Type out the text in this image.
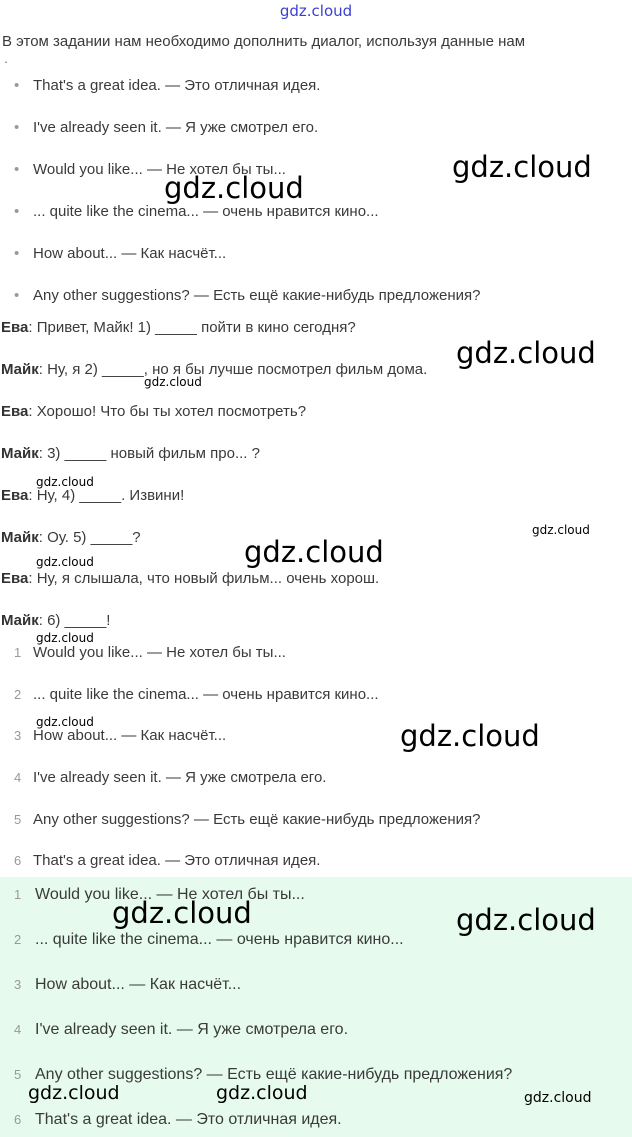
gdz.cloud
В этом задании нам необходимо дополнить диалог, используя данные нам
.
• That's a great idea. — Это отличная идея.
• I've already seen it. — Я уже смотрел его.
• Would you like... — Не хотел бы ты...
• ... quite like the cinema... — очень нравится кино...
• How about... — Как насчёт...
• Any other suggestions? — Есть ещё какие-нибудь предложения?
Ева: Привет, Майк! 1) _____ пойти в кино сегодня?
Майк: Ну, я 2) _____, но я бы лучше посмотрел фильм дома.
Ева: Хорошо! Что бы ты хотел посмотреть?
Майк: 3) _____ новый фильм про... ?
Ева: Ну, 4) _____. Извини!
Майк: Оу. 5) _____?
Ева: Ну, я слышала, что новый фильм... очень хорош.
Майк: 6) _____!
1 Would you like... — Не хотел бы ты...
2 ... quite like the cinema... — очень нравится кино...
3 How about... — Как насчёт...
4 I've already seen it. — Я уже смотрела его.
5 Any other suggestions? — Есть ещё какие-нибудь предложения?
6 That's a great idea. — Это отличная идея.
1 Would you like... — Не хотел бы ты...
2 ... quite like the cinema... — очень нравится кино...
3 How about... — Как насчёт...
4 I've already seen it. — Я уже смотрела его.
5 Any other suggestions? — Есть ещё какие-нибудь предложения?
6 That's a great idea. — Это отличная идея.
gdz.cloud
gdz.cloud
gdz.cloud
gdz.cloud
gdz.cloud
gdz.cloud
gdz.cloud
gdz.cloud
gdz.cloud
gdz.cloud	gdz.cloud
gdz.cloud	gdz.cloud
gdz.cloud	gdz.cloud	gdz.cloud
